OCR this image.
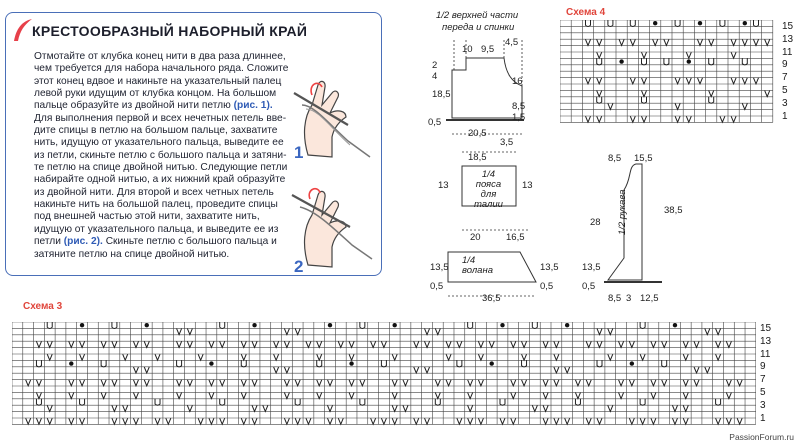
КРЕСТООБРАЗНЫЙ НАБОРНЫЙ КРАЙ
Отмотайте от клубка конец нити в два раза длиннее,
чем требуется для набора начального ряда. Сложите
этот конец вдвое и накиньте на указательный палец
левой руки идущим от клубка концом. На большом
пальце образуйте из двойной нити петлю (рис. 1).
Для выполнения первой и всех нечетных петель вве-
дите спицы в петлю на большом пальце, захватите
нить, идущую от указательного пальца, выведите ее
из петли, скиньте петлю с большого пальца и затяни-
те петлю на спице двойной нитью. Следующие петли
набирайте одной нитью, а их нижний край образуйте
из двойной нити. Для второй и всех четных петель
накиньте нить на большой палец, проведите спицы
под внешней частью этой нити, захватите нить,
идущую от указательного пальца, и выведите ее из
петли (рис. 2). Скиньте петлю с большого пальца и
затяните петлю на спице двойной нитью.
1
2
1/2 верхней части
переда и спинки
10 9,5
4,5
2
4	16
18,5
8,5
0,5	1,5
20,5
3,5
18,5
13	13
1/4
пояса
для
талии
20	16,5
1/4
волана
13,5	13,5
0,5	0,5
36,5
8,5 15,5
28
38,5
1/2 рукава
13,5
0,5
8,5 3 12,5
Схема 4
15
13
11
9
7
5
3
1
Схема 3
15
13
11
9
7
5
3
1
PassionForum.ru
